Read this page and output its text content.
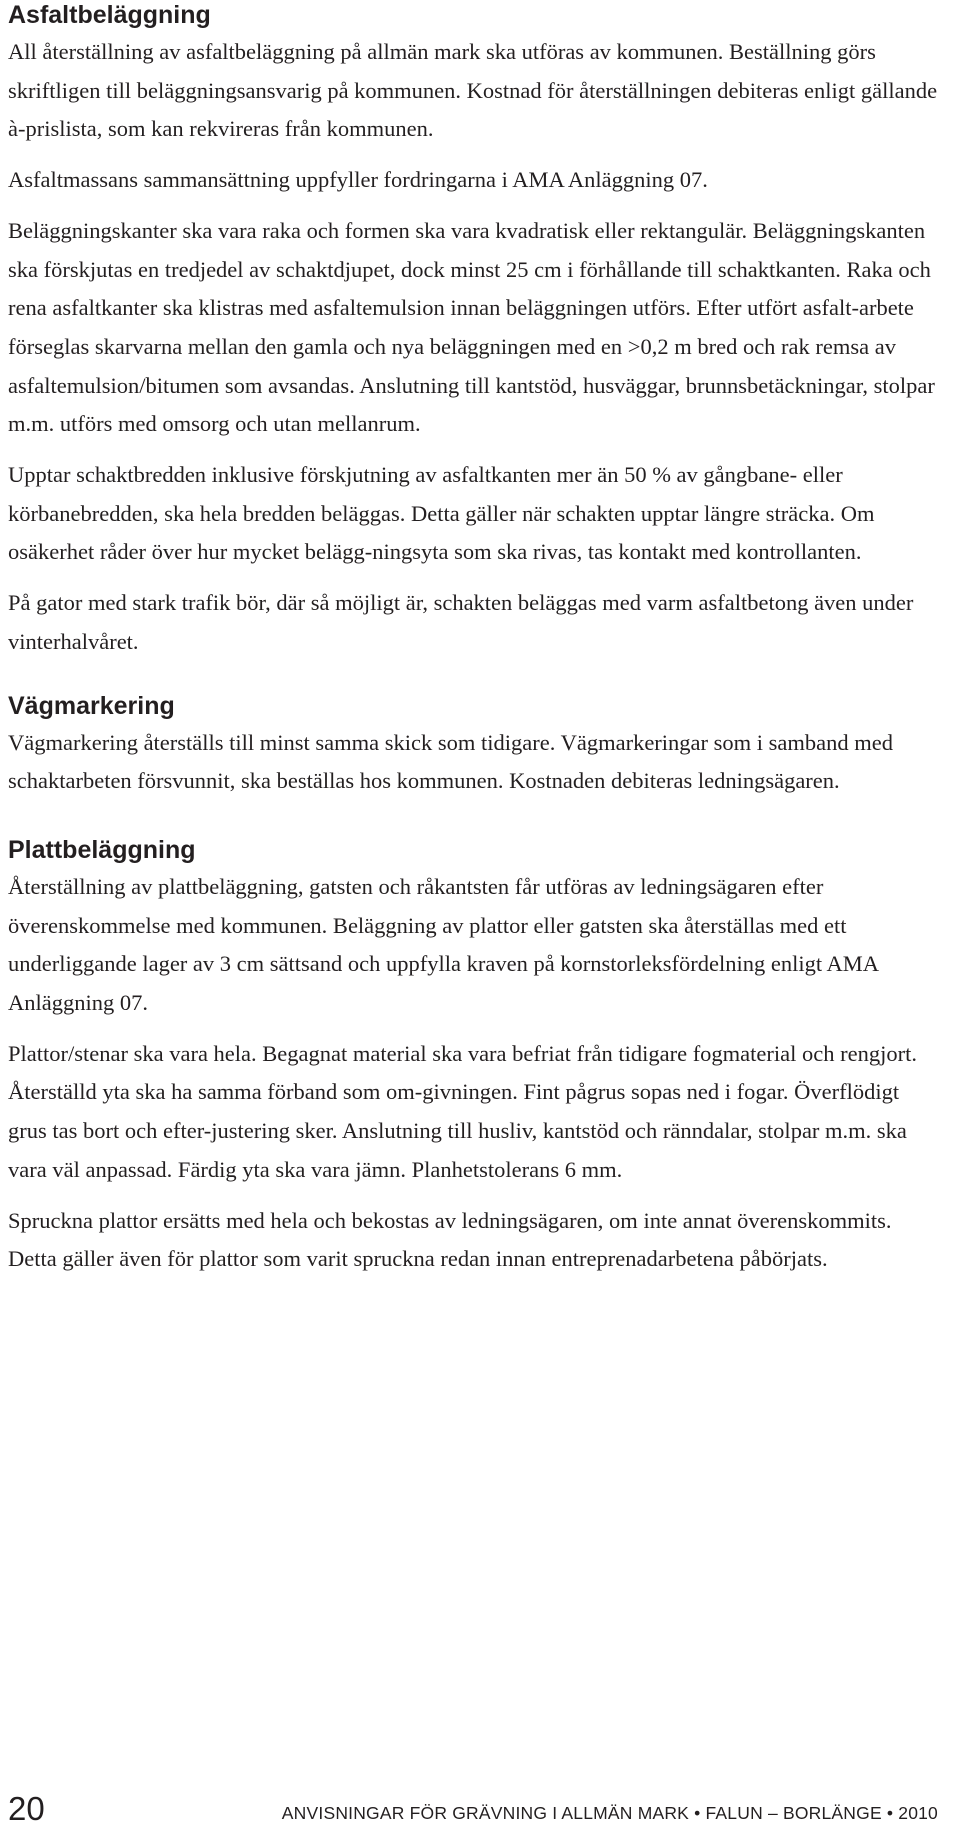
Asfaltbeläggning

All återställning av asfaltbeläggning på allmän mark ska utföras av kommunen. Beställning görs skriftligen till beläggningsansvarig på kommunen. Kostnad för återställningen debiteras enligt gällande à-prislista, som kan rekvireras från kommunen.

Asfaltmassans sammansättning uppfyller fordringarna i AMA Anläggning 07.

Beläggningskanter ska vara raka och formen ska vara kvadratisk eller rektangulär. Beläggningskanten ska förskjutas en tredjedel av schaktdjupet, dock minst 25 cm i förhållande till schaktkanten. Raka och rena asfaltkanter ska klistras med asfaltemulsion innan beläggningen utförs. Efter utfört asfalt-arbete förseglas skarvarna mellan den gamla och nya beläggningen med en >0,2 m bred och rak remsa av asfaltemulsion/bitumen som avsandas. Anslutning till kantstöd, husväggar, brunnsbetäckningar, stolpar m.m. utförs med omsorg och utan mellanrum.

Upptar schaktbredden inklusive förskjutning av asfaltkanten mer än 50 % av gångbane- eller körbanebredden, ska hela bredden beläggas. Detta gäller när schakten upptar längre sträcka. Om osäkerhet råder över hur mycket belägg-ningsyta som ska rivas, tas kontakt med kontrollanten.

På gator med stark trafik bör, där så möjligt är, schakten beläggas med varm asfaltbetong även under vinterhalvåret.

Vägmarkering

Vägmarkering återställs till minst samma skick som tidigare. Vägmarkeringar som i samband med schaktarbeten försvunnit, ska beställas hos kommunen. Kostnaden debiteras ledningsägaren.

Plattbeläggning

Återställning av plattbeläggning, gatsten och råkantsten får utföras av ledningsägaren efter överenskommelse med kommunen. Beläggning av plattor eller gatsten ska återställas med ett underliggande lager av 3 cm sättsand och uppfylla kraven på kornstorleksfördelning enligt AMA Anläggning 07.

Plattor/stenar ska vara hela. Begagnat material ska vara befriat från tidigare fogmaterial och rengjort. Återställd yta ska ha samma förband som om-givningen. Fint pågrus sopas ned i fogar. Överflödigt grus tas bort och efter-justering sker. Anslutning till husliv, kantstöd och ränndalar, stolpar m.m. ska vara väl anpassad. Färdig yta ska vara jämn. Planhetstolerans 6 mm.

Spruckna plattor ersätts med hela och bekostas av ledningsägaren, om inte annat överenskommits. Detta gäller även för plattor som varit spruckna redan innan entreprenadarbetena påbörjats.

20	ANVISNINGAR FÖR GRÄVNING I ALLMÄN MARK • FALUN – BORLÄNGE • 2010
